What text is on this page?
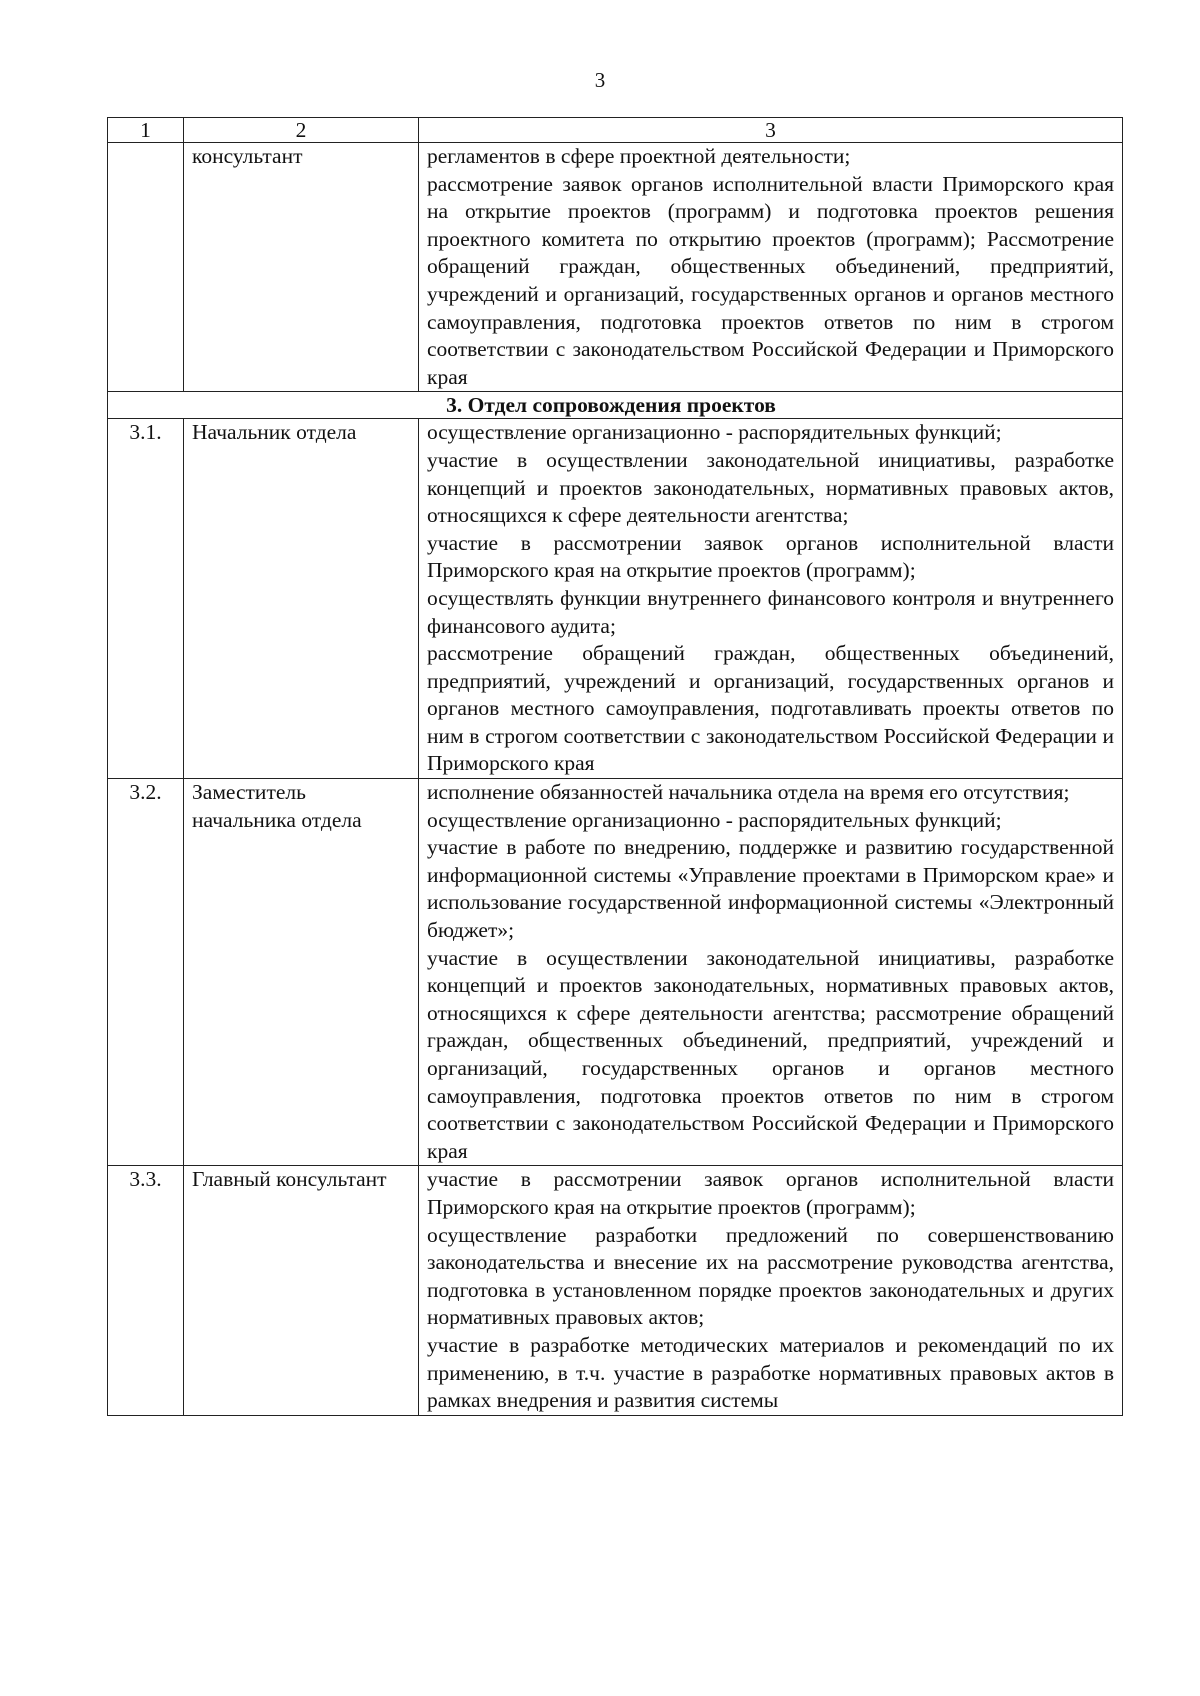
3
1	2	3
	консультант	регламентов в сфере проектной деятельности;

рассмотрение заявок органов исполнительной власти Приморского края на открытие проектов (программ) и подготовка проектов решения проектного комитета по открытию проектов (программ); Рассмотрение обращений граждан, общественных объединений, предприятий, учреждений и организаций, государственных органов и органов местного самоуправления, подготовка проектов ответов по ним в строгом соответствии с законодательством Российской Федерации и Приморского края

3. Отдел сопровождения проектов		
3.1.	Начальник отдела	осуществление организационно - распорядительных функций;

участие в осуществлении законодательной инициативы, разработке концепций и проектов законодательных, нормативных правовых актов, относящихся к сфере деятельности агентства;

участие в рассмотрении заявок органов исполнительной власти Приморского края на открытие проектов (программ);

осуществлять функции внутреннего финансового контроля и внутреннего финансового аудита;

рассмотрение обращений граждан, общественных объединений, предприятий, учреждений и организаций, государственных органов и органов местного самоуправления, подготавливать проекты ответов по ним в строгом соответствии с законодательством Российской Федерации и Приморского края

3.2.	Заместитель начальника отдела	исполнение обязанностей начальника отдела на время его отсутствия;

осуществление организационно - распорядительных функций;

участие в работе по внедрению, поддержке и развитию государственной информационной системы «Управление проектами в Приморском крае» и использование государственной информационной системы «Электронный бюджет»;

участие в осуществлении законодательной инициативы, разработке концепций и проектов законодательных, нормативных правовых актов, относящихся к сфере деятельности агентства; рассмотрение обращений граждан, общественных объединений, предприятий, учреждений и организаций, государственных органов и органов местного самоуправления, подготовка проектов ответов по ним в строгом соответствии с законодательством Российской Федерации и Приморского края

3.3.	Главный консультант	участие в рассмотрении заявок органов исполнительной власти Приморского края на открытие проектов (программ);

осуществление разработки предложений по совершенствованию законодательства и внесение их на рассмотрение руководства агентства, подготовка в установленном порядке проектов законодательных и других нормативных правовых актов;

участие в разработке методических материалов и рекомендаций по их применению, в т.ч. участие в разработке нормативных правовых актов в рамках внедрения и развития системы
